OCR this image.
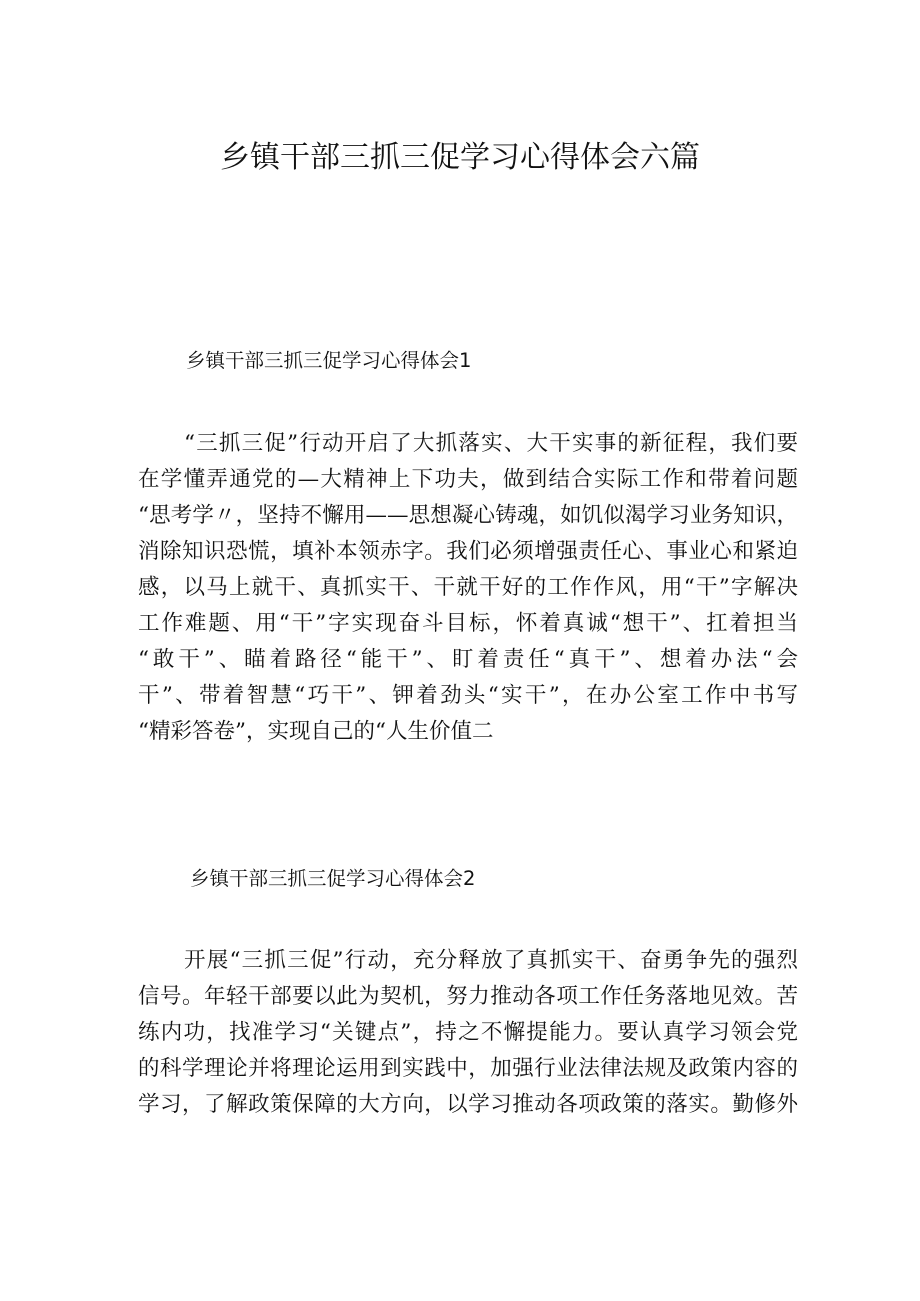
乡镇干部三抓三促学习心得体会六篇
乡镇干部三抓三促学习心得体会1
“三抓三促”行动开启了大抓落实、大干实事的新征程，我们要
在学懂弄通党的—大精神上下功夫，做到结合实际工作和带着问题
“思考学〃，坚持不懈用——思想凝心铸魂，如饥似渴学习业务知识，
消除知识恐慌，填补本领赤字。我们必须增强责任心、事业心和紧迫
感，以马上就干、真抓实干、干就干好的工作作风，用“干”字解决
工作难题、用“干”字实现奋斗目标，怀着真诚“想干”、扛着担当
“敢干”、瞄着路径“能干”、盯着责任“真干”、想着办法“会
干”、带着智慧“巧干”、钾着劲头“实干”，在办公室工作中书写
“精彩答卷”，实现自己的“人生价值二
乡镇干部三抓三促学习心得体会2
开展“三抓三促”行动，充分释放了真抓实干、奋勇争先的强烈
信号。年轻干部要以此为契机，努力推动各项工作任务落地见效。苦
练内功，找准学习“关键点”，持之不懈提能力。要认真学习领会党
的科学理论并将理论运用到实践中，加强行业法律法规及政策内容的
学习，了解政策保障的大方向，以学习推动各项政策的落实。勤修外
